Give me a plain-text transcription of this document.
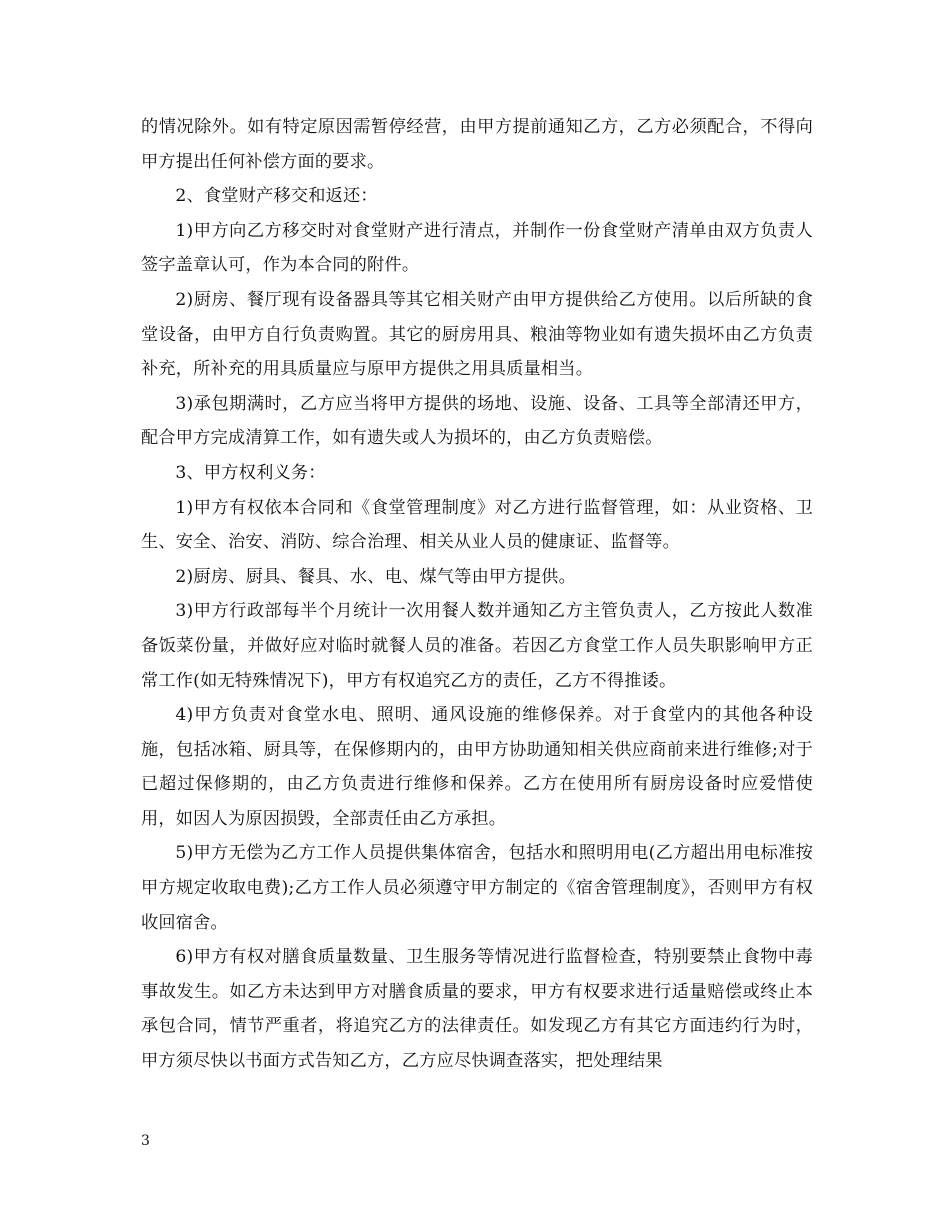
的情况除外。如有特定原因需暂停经营，由甲方提前通知乙方，乙方必须配合，不得向甲方提出任何补偿方面的要求。

2、食堂财产移交和返还：

1)甲方向乙方移交时对食堂财产进行清点，并制作一份食堂财产清单由双方负责人签字盖章认可，作为本合同的附件。

2)厨房、餐厅现有设备器具等其它相关财产由甲方提供给乙方使用。以后所缺的食堂设备，由甲方自行负责购置。其它的厨房用具、粮油等物业如有遗失损坏由乙方负责补充，所补充的用具质量应与原甲方提供之用具质量相当。

3)承包期满时，乙方应当将甲方提供的场地、设施、设备、工具等全部清还甲方，配合甲方完成清算工作，如有遗失或人为损坏的，由乙方负责赔偿。

3、甲方权利义务：

1)甲方有权依本合同和《食堂管理制度》对乙方进行监督管理，如：从业资格、卫生、安全、治安、消防、综合治理、相关从业人员的健康证、监督等。

2)厨房、厨具、餐具、水、电、煤气等由甲方提供。

3)甲方行政部每半个月统计一次用餐人数并通知乙方主管负责人，乙方按此人数准备饭菜份量，并做好应对临时就餐人员的准备。若因乙方食堂工作人员失职影响甲方正常工作(如无特殊情况下)，甲方有权追究乙方的责任，乙方不得推诿。

4)甲方负责对食堂水电、照明、通风设施的维修保养。对于食堂内的其他各种设施，包括冰箱、厨具等，在保修期内的，由甲方协助通知相关供应商前来进行维修;对于已超过保修期的，由乙方负责进行维修和保养。乙方在使用所有厨房设备时应爱惜使用，如因人为原因损毁，全部责任由乙方承担。

5)甲方无偿为乙方工作人员提供集体宿舍，包括水和照明用电(乙方超出用电标准按甲方规定收取电费);乙方工作人员必须遵守甲方制定的《宿舍管理制度》，否则甲方有权收回宿舍。

6)甲方有权对膳食质量数量、卫生服务等情况进行监督检查，特别要禁止食物中毒事故发生。如乙方未达到甲方对膳食质量的要求，甲方有权要求进行适量赔偿或终止本承包合同，情节严重者，将追究乙方的法律责任。如发现乙方有其它方面违约行为时，甲方须尽快以书面方式告知乙方，乙方应尽快调查落实，把处理结果

3
